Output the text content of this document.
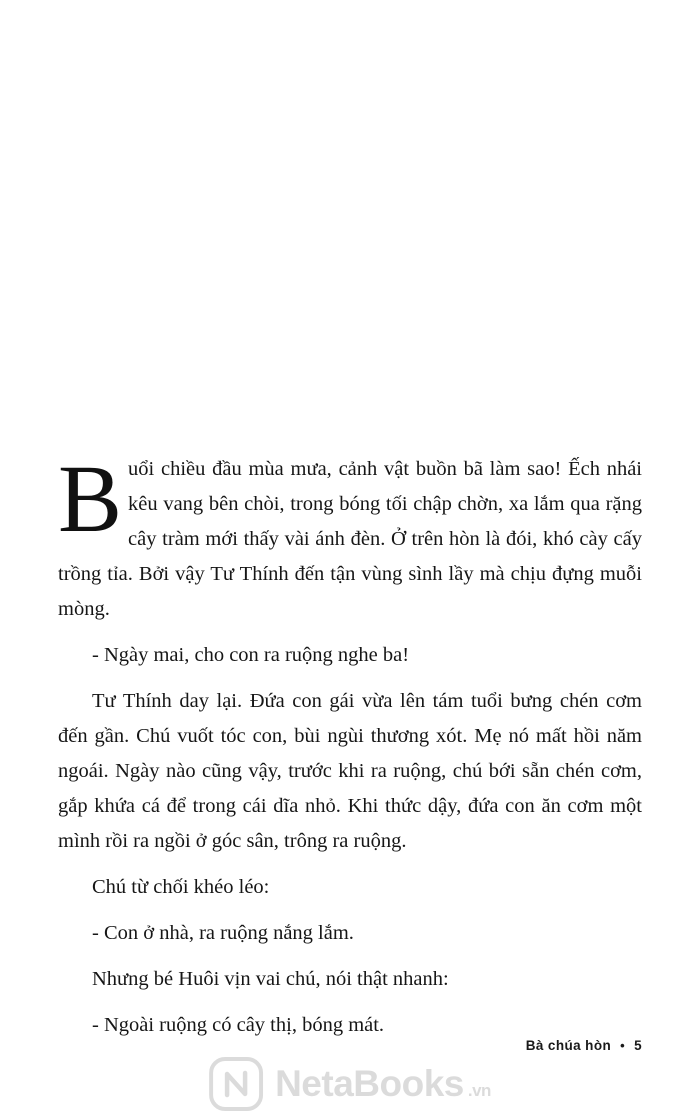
Buổi chiều đầu mùa mưa, cảnh vật buồn bã làm sao! Ếch nhái kêu vang bên chòi, trong bóng tối chập chờn, xa lắm qua rặng cây tràm mới thấy vài ánh đèn. Ở trên hòn là đói, khó cày cấy trồng tỉa. Bởi vậy Tư Thính đến tận vùng sình lầy mà chịu đựng muỗi mòng.

- Ngày mai, cho con ra ruộng nghe ba!

Tư Thính day lại. Đứa con gái vừa lên tám tuổi bưng chén cơm đến gần. Chú vuốt tóc con, bùi ngùi thương xót. Mẹ nó mất hồi năm ngoái. Ngày nào cũng vậy, trước khi ra ruộng, chú bới sẵn chén cơm, gắp khứa cá để trong cái dĩa nhỏ. Khi thức dậy, đứa con ăn cơm một mình rồi ra ngồi ở góc sân, trông ra ruộng.

Chú từ chối khéo léo:

- Con ở nhà, ra ruộng nắng lắm.

Nhưng bé Huôi vịn vai chú, nói thật nhanh:

- Ngoài ruộng có cây thị, bóng mát.

Bà chúa hòn • 5
NetaBooks .vn
